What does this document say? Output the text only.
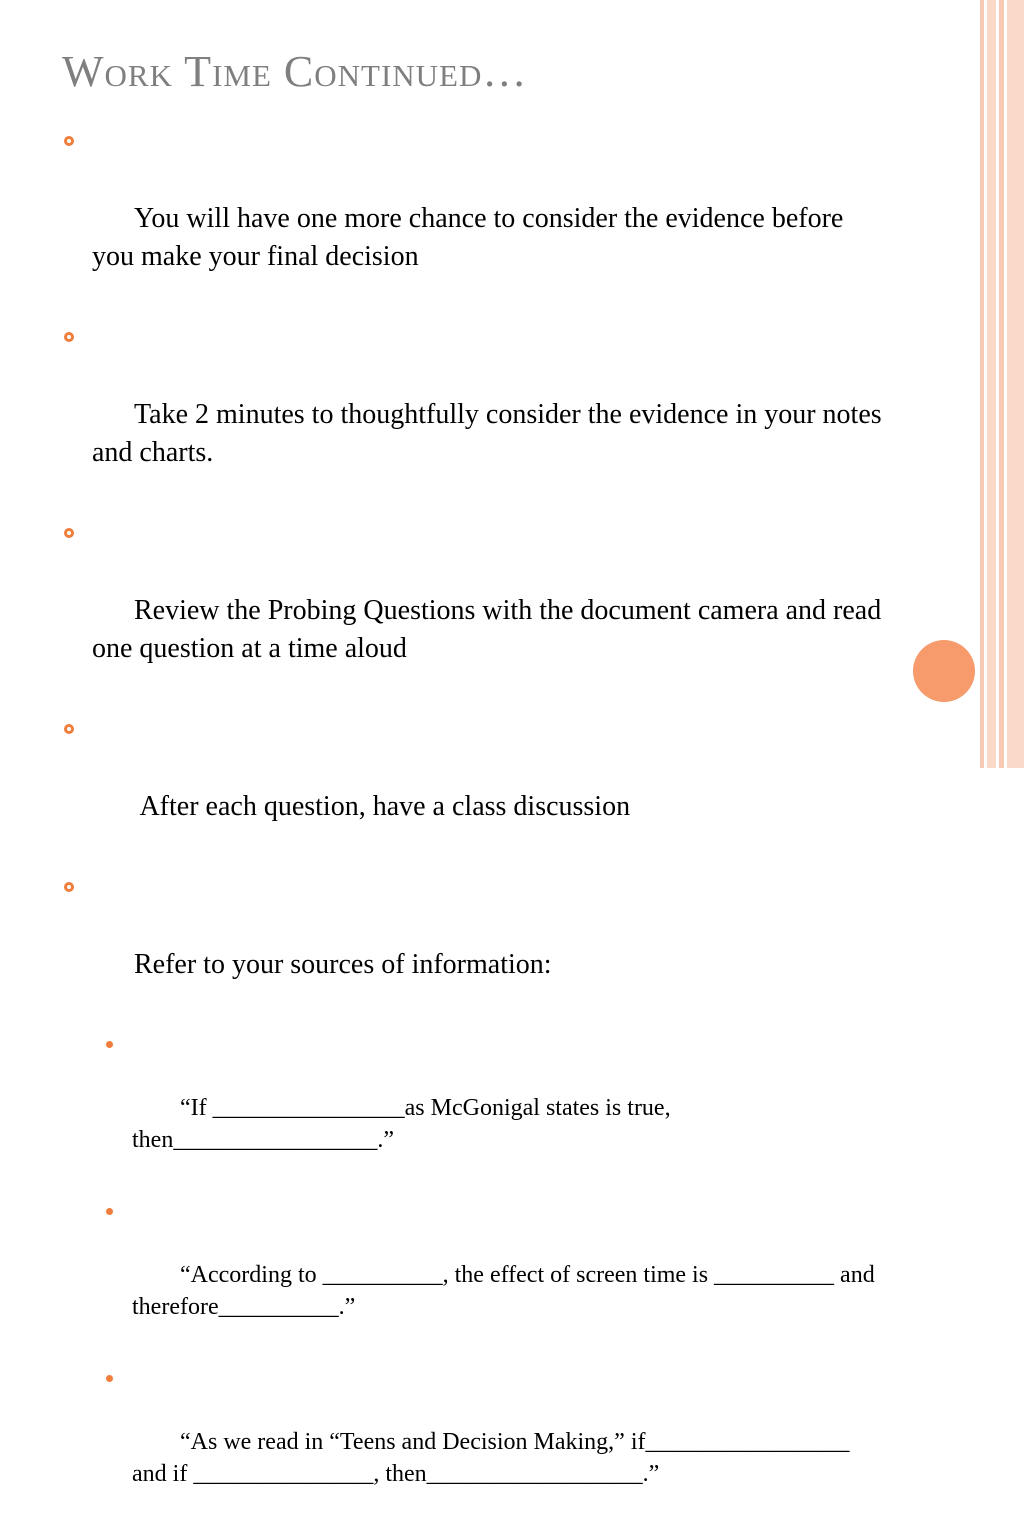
Work Time Continued…

You will have one more chance to consider the evidence before you make your final decision

Take 2 minutes to thoughtfully consider the evidence in your notes and charts.

Review the Probing Questions with the document camera and read one question at a time aloud

After each question, have a class discussion

Refer to your sources of information:

“If ________________as McGonigal states is true, then_________________.”

“According to __________, the effect of screen time is __________ and therefore__________.”

“As we read in “Teens and Decision Making,” if_________________ and if _______________, then__________________.”
